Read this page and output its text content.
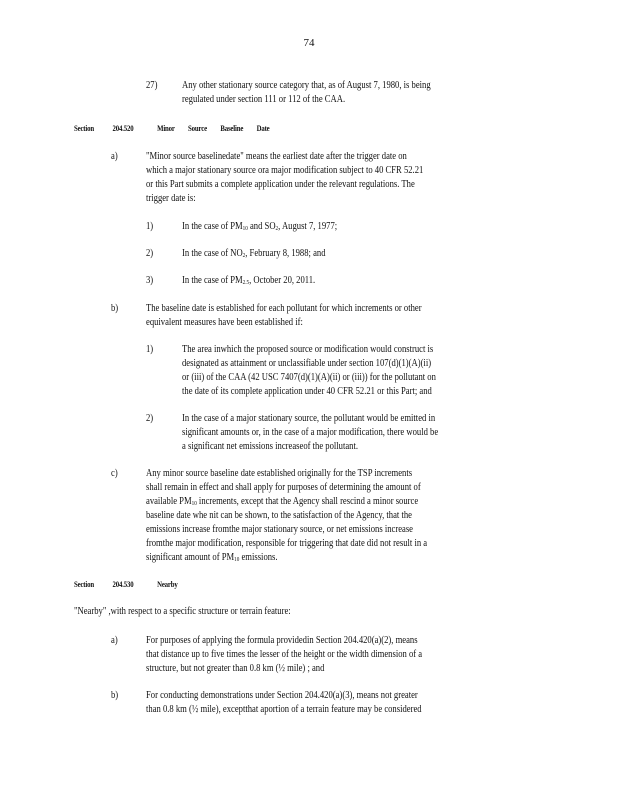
74
27) Any other stationary source category that, as of August 7, 1980, is being
regulated under section 111 or 112 of the CAA.
Section 204.520	Minor Source Baseline Date
a)	"Minor source baselinedate" means the earliest date after the trigger date on
which a major stationary source ora major modification subject to 40 CFR 52.21
or this Part submits a complete application under the relevant regulations. The
trigger date is:
1)	In the case of $PM_{10}$ and $SO_2$, August 7, 1977;
2)	In the case of $NO_2$, February 8, 1988; and
3)	In the case of $PM_{2.5}$, October 20, 2011.
b)	The baseline date is established for each pollutant for which increments or other
equivalent measures have been established if:
1)	The area inwhich the proposed source or modification would construct is
designated as attainment or unclassifiable under section 107(d)(1)(A)(ii)
or (iii) of the CAA (42 USC 7407(d)(1)(A)(ii) or (iii)) for the pollutant on
the date of its complete application under 40 CFR 52.21 or this Part; and
2)	In the case of a major stationary source, the pollutant would be emitted in
significant amounts or, in the case of a major modification, there would be
a significant net emissions increaseof the pollutant.
c)	Any minor source baseline date established originally for the TSP increments
shall remain in effect and shall apply for purposes of determining the amount of
available $PM_{10}$ increments, except that the Agency shall rescind a minor source
baseline date whe nit can be shown, to the satisfaction of the Agency, that the
emissions increase fromthe major stationary source, or net emissions increase
fromthe major modification, responsible for triggering that date did not result in a
significant amount of $PM_{10}$ emissions.
Section 204.530	Nearby
"Nearby" ,with respect to a specific structure or terrain feature:
a)	For purposes of applying the formula providedin Section 204.420(a)(2), means
that distance up to five times the lesser of the height or the width dimension of a
structure, but not greater than 0.8 km (½ mile) ; and
b)	For conducting demonstrations under Section 204.420(a)(3), means not greater
than 0.8 km (½ mile), exceptthat aportion of a terrain feature may be considered
